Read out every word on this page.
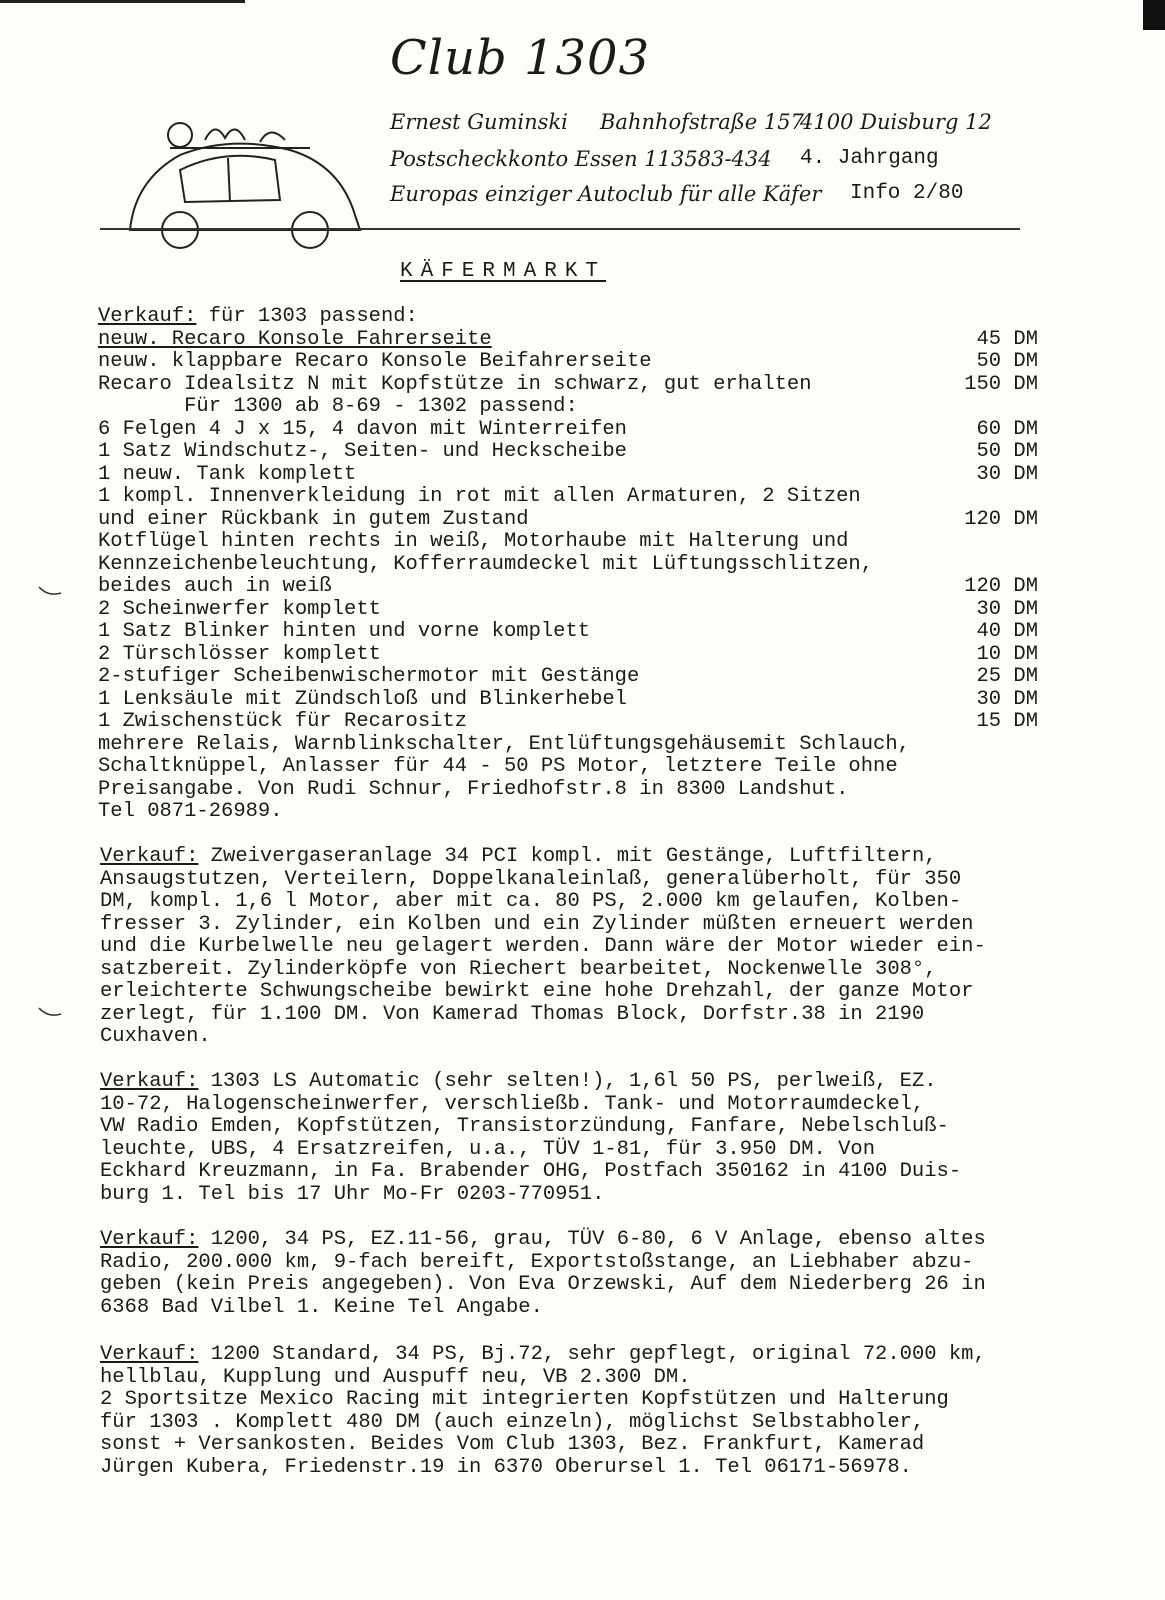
Club 1303
Ernest Guminski Bahnhofstraße 157
4100 Duisburg 12
Postscheckkonto Essen 113583-434 4. Jahrgang
Europas einziger Autoclub für alle Käfer Info 2/80
KÄFERMARKT
Verkauf: für 1303 passend:
neuw. Recaro Konsole Fahrerseite	45 DM
neuw. klappbare Recaro Konsole Beifahrerseite	50 DM
Recaro Idealsitz N mit Kopfstütze in schwarz, gut erhalten	150 DM
Für 1300 ab 8-69 - 1302 passend:
6 Felgen 4 J x 15, 4 davon mit Winterreifen	60 DM
1 Satz Windschutz-, Seiten- und Heckscheibe	50 DM
1 neuw. Tank komplett	30 DM
1 kompl. Innenverkleidung in rot mit allen Armaturen, 2 Sitzen
und einer Rückbank in gutem Zustand	120 DM
Kotflügel hinten rechts in weiß, Motorhaube mit Halterung und
Kennzeichenbeleuchtung, Kofferraumdeckel mit Lüftungsschlitzen,
beides auch in weiß	120 DM
2 Scheinwerfer komplett	30 DM
1 Satz Blinker hinten und vorne komplett	40 DM
2 Türschlösser komplett	10 DM
2-stufiger Scheibenwischermotor mit Gestänge	25 DM
1 Lenksäule mit Zündschloß und Blinkerhebel	30 DM
1 Zwischenstück für Recarositz	15 DM
mehrere Relais, Warnblinkschalter, Entlüftungsgehäusemit Schlauch,
Schaltknüppel, Anlasser für 44 - 50 PS Motor, letztere Teile ohne
Preisangabe. Von Rudi Schnur, Friedhofstr.8 in 8300 Landshut.
Tel 0871-26989.
Verkauf: Zweivergaseranlage 34 PCI kompl. mit Gestänge, Luftfiltern,
Ansaugstutzen, Verteilern, Doppelkanaleinlaß, generalüberholt, für 350
DM, kompl. 1,6 l Motor, aber mit ca. 80 PS, 2.000 km gelaufen, Kolben-
fresser 3. Zylinder, ein Kolben und ein Zylinder müßten erneuert werden
und die Kurbelwelle neu gelagert werden. Dann wäre der Motor wieder ein-
satzbereit. Zylinderköpfe von Riechert bearbeitet, Nockenwelle 308°,
erleichterte Schwungscheibe bewirkt eine hohe Drehzahl, der ganze Motor
zerlegt, für 1.100 DM. Von Kamerad Thomas Block, Dorfstr.38 in 2190
Cuxhaven.
Verkauf: 1303 LS Automatic (sehr selten!), 1,6l 50 PS, perlweiß, EZ.
10-72, Halogenscheinwerfer, verschließb. Tank- und Motorraumdeckel,
VW Radio Emden, Kopfstützen, Transistorzündung, Fanfare, Nebelschluß-
leuchte, UBS, 4 Ersatzreifen, u.a., TÜV 1-81, für 3.950 DM. Von
Eckhard Kreuzmann, in Fa. Brabender OHG, Postfach 350162 in 4100 Duis-
burg 1. Tel bis 17 Uhr Mo-Fr 0203-770951.
Verkauf: 1200, 34 PS, EZ.11-56, grau, TÜV 6-80, 6 V Anlage, ebenso altes
Radio, 200.000 km, 9-fach bereift, Exportstoßstange, an Liebhaber abzu-
geben (kein Preis angegeben). Von Eva Orzewski, Auf dem Niederberg 26 in
6368 Bad Vilbel 1. Keine Tel Angabe.
Verkauf: 1200 Standard, 34 PS, Bj.72, sehr gepflegt, original 72.000 km,
hellblau, Kupplung und Auspuff neu, VB 2.300 DM.
2 Sportsitze Mexico Racing mit integrierten Kopfstützen und Halterung
für 1303 . Komplett 480 DM (auch einzeln), möglichst Selbstabholer,
sonst + Versankosten. Beides Vom Club 1303, Bez. Frankfurt, Kamerad
Jürgen Kubera, Friedenstr.19 in 6370 Oberursel 1. Tel 06171-56978.
